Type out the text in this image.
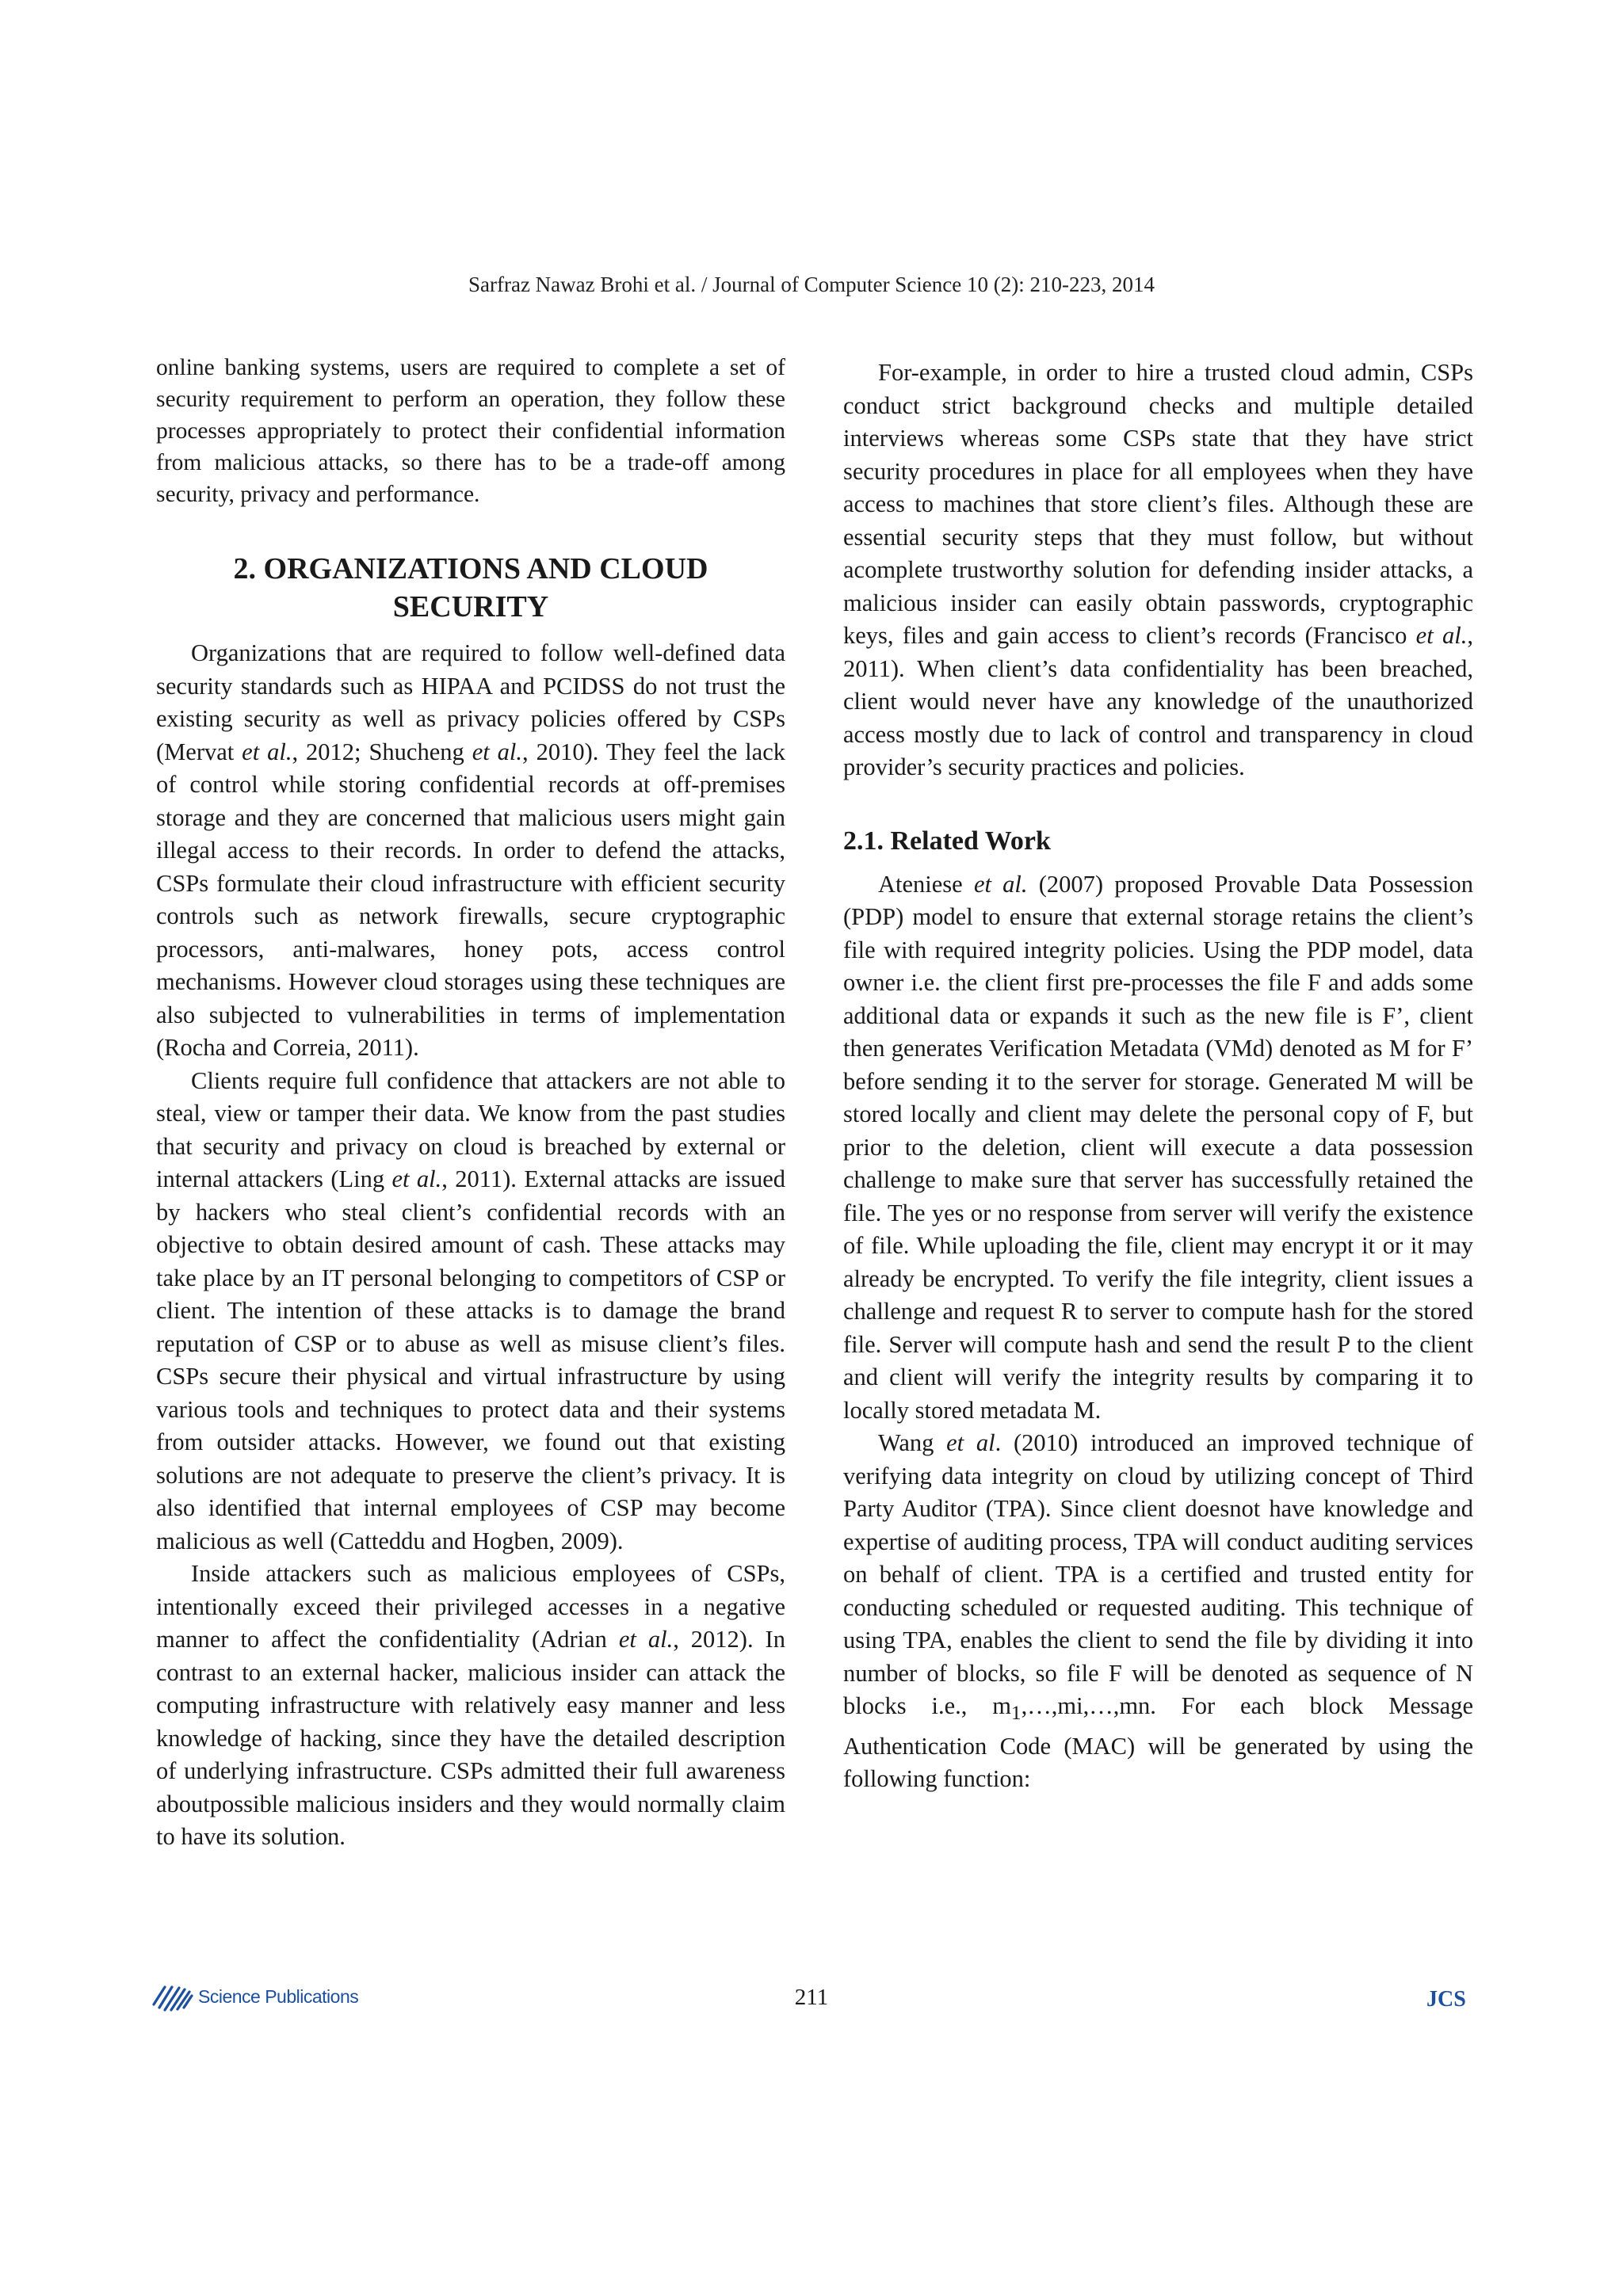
Sarfraz Nawaz Brohi et al. / Journal of Computer Science 10 (2): 210-223, 2014

online banking systems, users are required to complete a set of security requirement to perform an operation, they follow these processes appropriately to protect their confidential information from malicious attacks, so there has to be a trade-off among security, privacy and performance.

2. ORGANIZATIONS AND CLOUD SECURITY

Organizations that are required to follow well-defined data security standards such as HIPAA and PCIDSS do not trust the existing security as well as privacy policies offered by CSPs (Mervat et al., 2012; Shucheng et al., 2010). They feel the lack of control while storing confidential records at off-premises storage and they are concerned that malicious users might gain illegal access to their records. In order to defend the attacks, CSPs formulate their cloud infrastructure with efficient security controls such as network firewalls, secure cryptographic processors, anti-malwares, honey pots, access control mechanisms. However cloud storages using these techniques are also subjected to vulnerabilities in terms of implementation (Rocha and Correia, 2011).

Clients require full confidence that attackers are not able to steal, view or tamper their data. We know from the past studies that security and privacy on cloud is breached by external or internal attackers (Ling et al., 2011). External attacks are issued by hackers who steal client’s confidential records with an objective to obtain desired amount of cash. These attacks may take place by an IT personal belonging to competitors of CSP or client. The intention of these attacks is to damage the brand reputation of CSP or to abuse as well as misuse client’s files. CSPs secure their physical and virtual infrastructure by using various tools and techniques to protect data and their systems from outsider attacks. However, we found out that existing solutions are not adequate to preserve the client’s privacy. It is also identified that internal employees of CSP may become malicious as well (Catteddu and Hogben, 2009).

Inside attackers such as malicious employees of CSPs, intentionally exceed their privileged accesses in a negative manner to affect the confidentiality (Adrian et al., 2012). In contrast to an external hacker, malicious insider can attack the computing infrastructure with relatively easy manner and less knowledge of hacking, since they have the detailed description of underlying infrastructure. CSPs admitted their full awareness aboutpossible malicious insiders and they would normally claim to have its solution.

For-example, in order to hire a trusted cloud admin, CSPs conduct strict background checks and multiple detailed interviews whereas some CSPs state that they have strict security procedures in place for all employees when they have access to machines that store client’s files. Although these are essential security steps that they must follow, but without acomplete trustworthy solution for defending insider attacks, a malicious insider can easily obtain passwords, cryptographic keys, files and gain access to client’s records (Francisco et al., 2011). When client’s data confidentiality has been breached, client would never have any knowledge of the unauthorized access mostly due to lack of control and transparency in cloud provider’s security practices and policies.

2.1. Related Work

Ateniese et al. (2007) proposed Provable Data Possession (PDP) model to ensure that external storage retains the client’s file with required integrity policies. Using the PDP model, data owner i.e. the client first pre-processes the file F and adds some additional data or expands it such as the new file is F’, client then generates Verification Metadata (VMd) denoted as M for F’ before sending it to the server for storage. Generated M will be stored locally and client may delete the personal copy of F, but prior to the deletion, client will execute a data possession challenge to make sure that server has successfully retained the file. The yes or no response from server will verify the existence of file. While uploading the file, client may encrypt it or it may already be encrypted. To verify the file integrity, client issues a challenge and request R to server to compute hash for the stored file. Server will compute hash and send the result P to the client and client will verify the integrity results by comparing it to locally stored metadata M.

Wang et al. (2010) introduced an improved technique of verifying data integrity on cloud by utilizing concept of Third Party Auditor (TPA). Since client doesnot have knowledge and expertise of auditing process, TPA will conduct auditing services on behalf of client. TPA is a certified and trusted entity for conducting scheduled or requested auditing. This technique of using TPA, enables the client to send the file by dividing it into number of blocks, so file F will be denoted as sequence of N blocks i.e., $m_1,\dots,mi,\dots,mn$. For each block Message Authentication Code (MAC) will be generated by using the following function:

Science Publications	211	JCS
